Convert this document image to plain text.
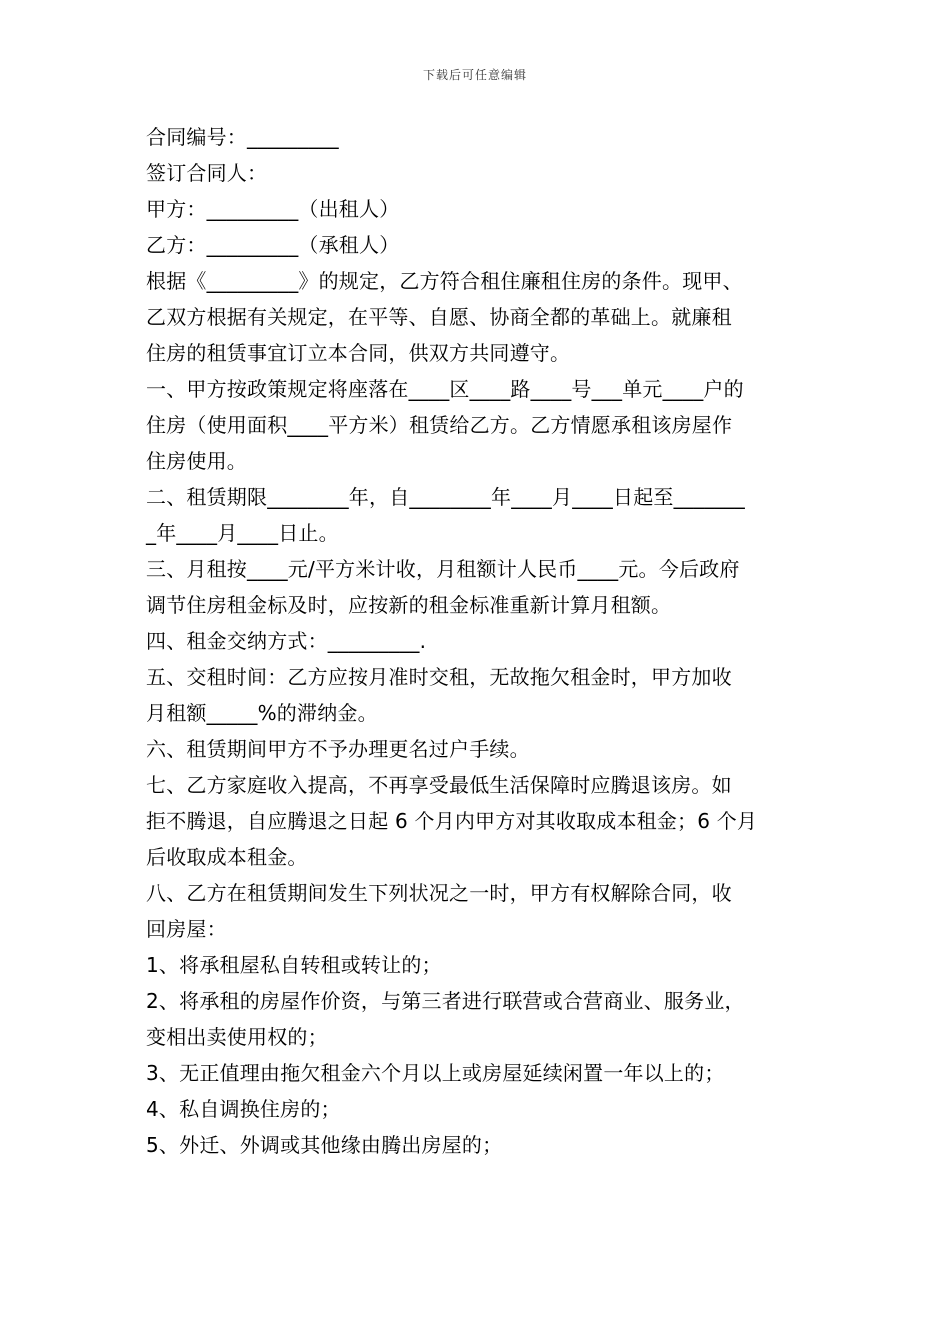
下载后可任意编辑
合同编号：_________
签订合同人：
甲方：_________（出租人）
乙方：_________（承租人）
根据《_________》的规定，乙方符合租住廉租住房的条件。现甲、
乙双方根据有关规定，在平等、自愿、协商全都的革础上。就廉租
住房的租赁事宜订立本合同，供双方共同遵守。
一、甲方按政策规定将座落在____区____路____号___单元____户的
住房（使用面积____平方米）租赁给乙方。乙方情愿承租该房屋作
住房使用。
二、租赁期限________年，自________年____月____日起至_______
_年____月____日止。
三、月租按____元/平方米计收，月租额计人民币____元。今后政府
调节住房租金标及时，应按新的租金标准重新计算月租额。
四、租金交纳方式：_________.
五、交租时间：乙方应按月准时交租，无故拖欠租金时，甲方加收
月租额_____%的滞纳金。
六、租赁期间甲方不予办理更名过户手续。
七、乙方家庭收入提高，不再享受最低生活保障时应腾退该房。如
拒不腾退，自应腾退之日起 6 个月内甲方对其收取成本租金；6 个月
后收取成本租金。
八、乙方在租赁期间发生下列状况之一时，甲方有权解除合同，收
回房屋：
1、将承租屋私自转租或转让的；
2、将承租的房屋作价资，与第三者进行联营或合营商业、服务业，
变相出卖使用权的；
3、无正值理由拖欠租金六个月以上或房屋延续闲置一年以上的；
4、私自调换住房的；
5、外迁、外调或其他缘由腾出房屋的；
